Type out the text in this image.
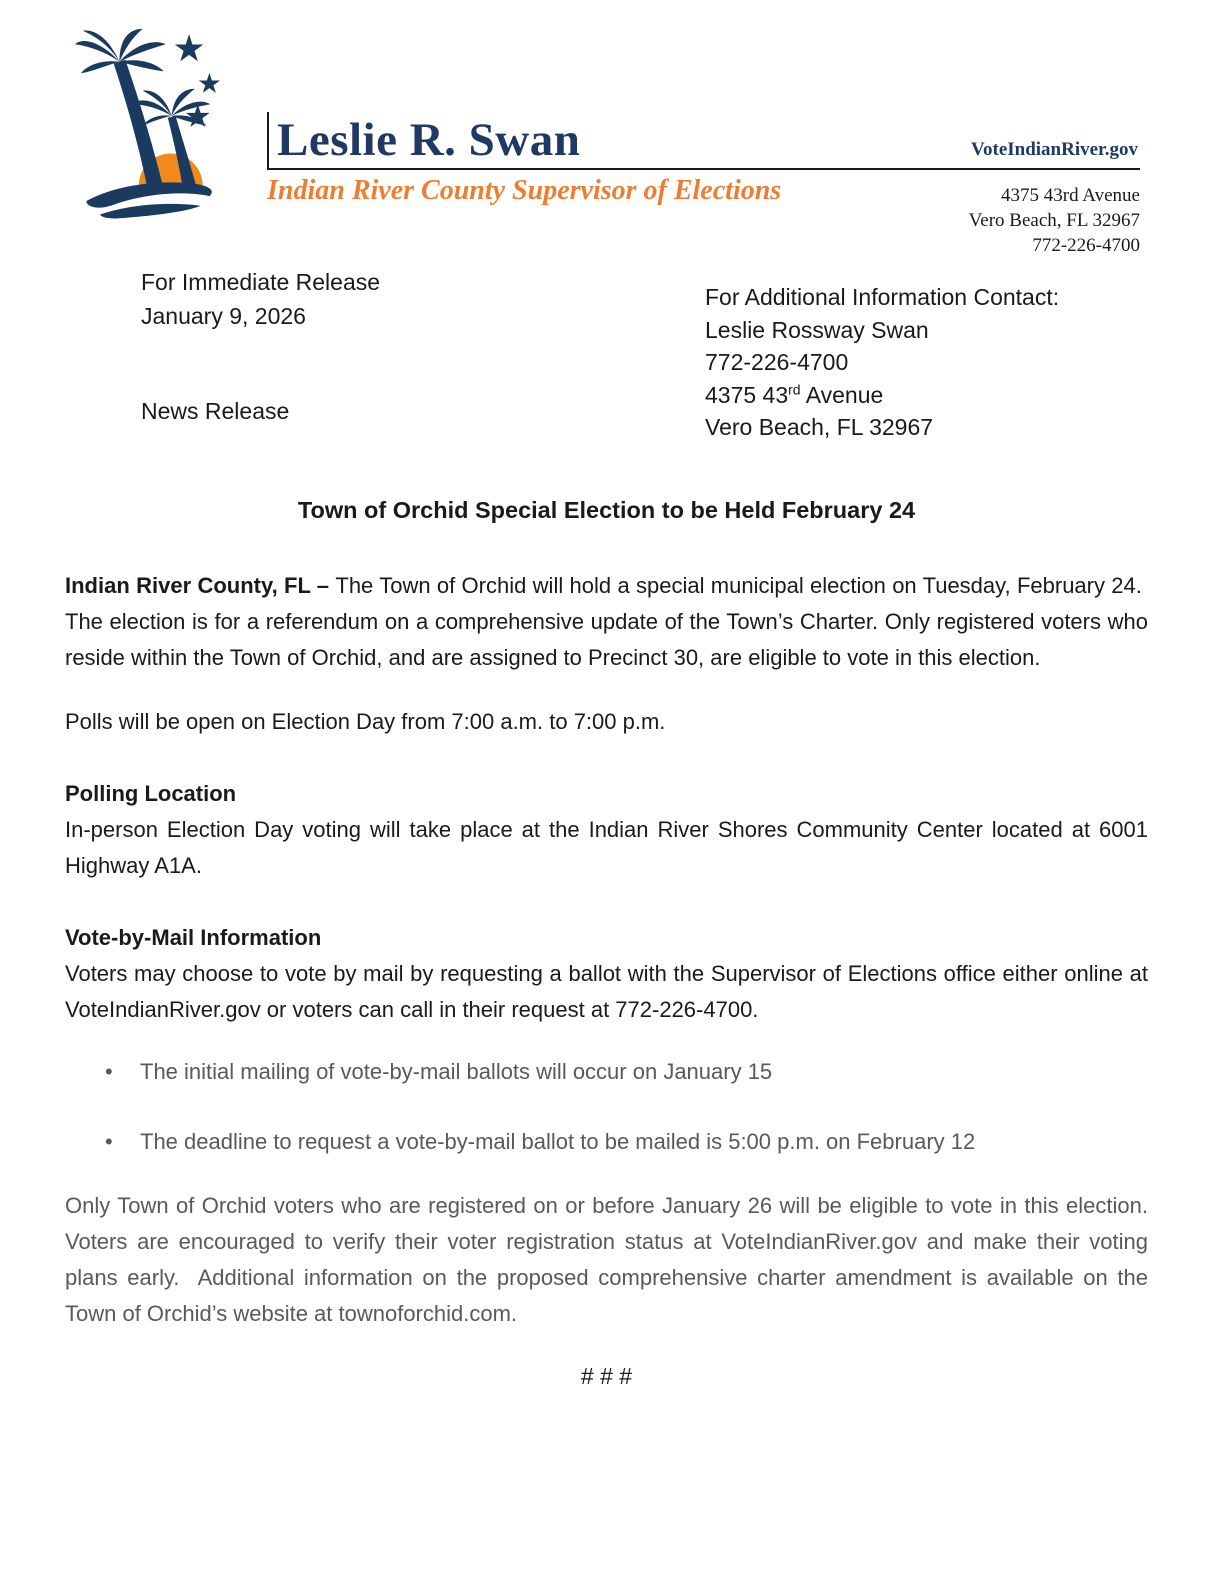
Leslie R. Swan	VoteIndianRiver.gov
Indian River County Supervisor of Elections	4375 43rd Avenue
Vero Beach, FL 32967
772-226-4700
For Immediate Release
January 9, 2026
News Release
For Additional Information Contact:
Leslie Rossway Swan
772-226-4700
4375 43rd Avenue
Vero Beach, FL 32967
Town of Orchid Special Election to be Held February 24

Indian River County, FL – The Town of Orchid will hold a special municipal election on Tuesday, February 24.  The election is for a referendum on a comprehensive update of the Town’s Charter. Only registered voters who reside within the Town of Orchid, and are assigned to Precinct 30, are eligible to vote in this election.

Polls will be open on Election Day from 7:00 a.m. to 7:00 p.m.

Polling Location

In-person Election Day voting will take place at the Indian River Shores Community Center located at 6001 Highway A1A.

Vote-by-Mail Information

Voters may choose to vote by mail by requesting a ballot with the Supervisor of Elections office either online at VoteIndianRiver.gov or voters can call in their request at 772-226-4700.

•	The initial mailing of vote-by-mail ballots will occur on January 15
•	The deadline to request a vote-by-mail ballot to be mailed is 5:00 p.m. on February 12

Only Town of Orchid voters who are registered on or before January 26 will be eligible to vote in this election. Voters are encouraged to verify their voter registration status at VoteIndianRiver.gov and make their voting plans early.  Additional information on the proposed comprehensive charter amendment is available on the Town of Orchid’s website at townoforchid.com.

# # #
